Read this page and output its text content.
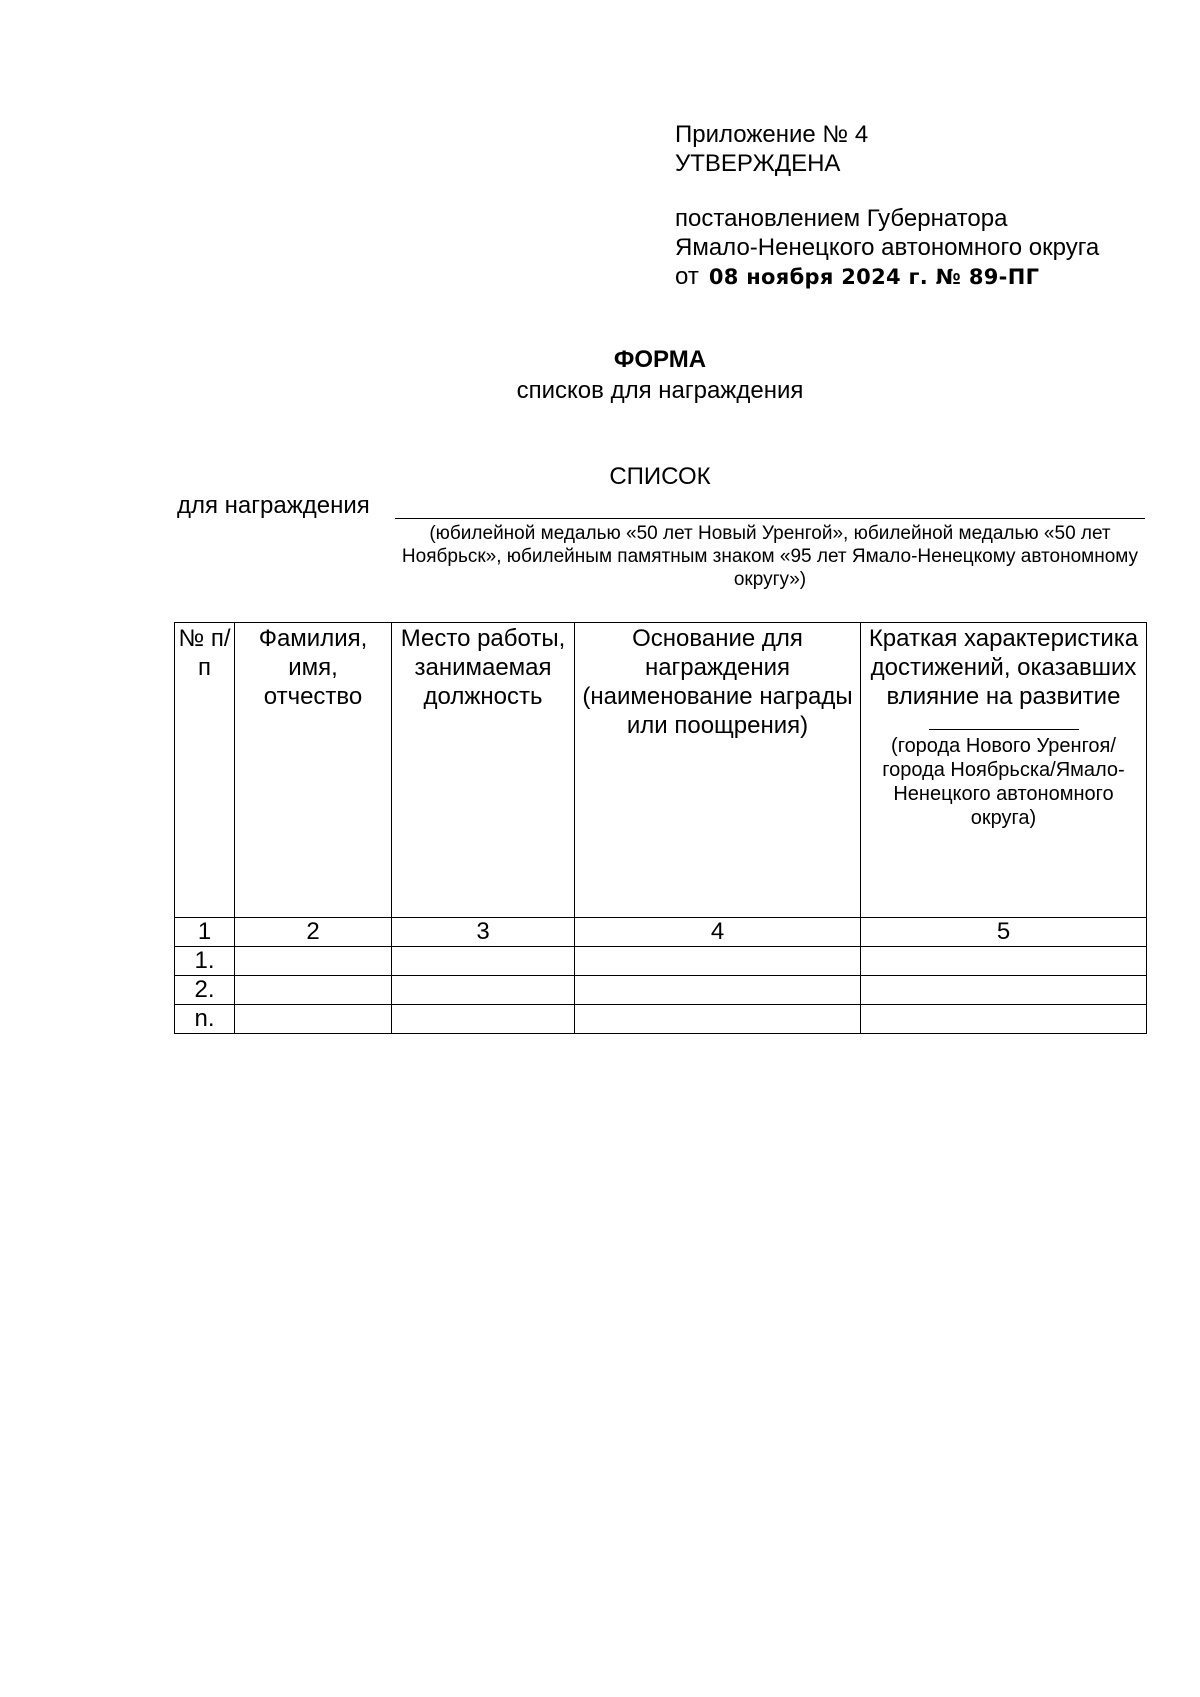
Приложение № 4
УТВЕРЖДЕНА
постановлением Губернатора
Ямало-Ненецкого автономного округа
от 08 ноября 2024 г. № 89-ПГ
ФОРМА
списков для награждения
СПИСОК
для награждения
(юбилейной медалью «50 лет Новый Уренгой», юбилейной медалью «50 лет Ноябрьск», юбилейным памятным знаком «95 лет Ямало-Ненецкому автономному округу»)
№ п/п	Фамилия, имя, отчество	Место работы, занимаемая должность	Основание для награждения (наименование награды или поощрения)	Краткая характеристика достижений, оказавших влияние на развитие
(города Нового Уренгоя/города Ноябрьска/Ямало-Ненецкого автономного округа)

1	2	3	4	5
1.				
2.				
n.				
